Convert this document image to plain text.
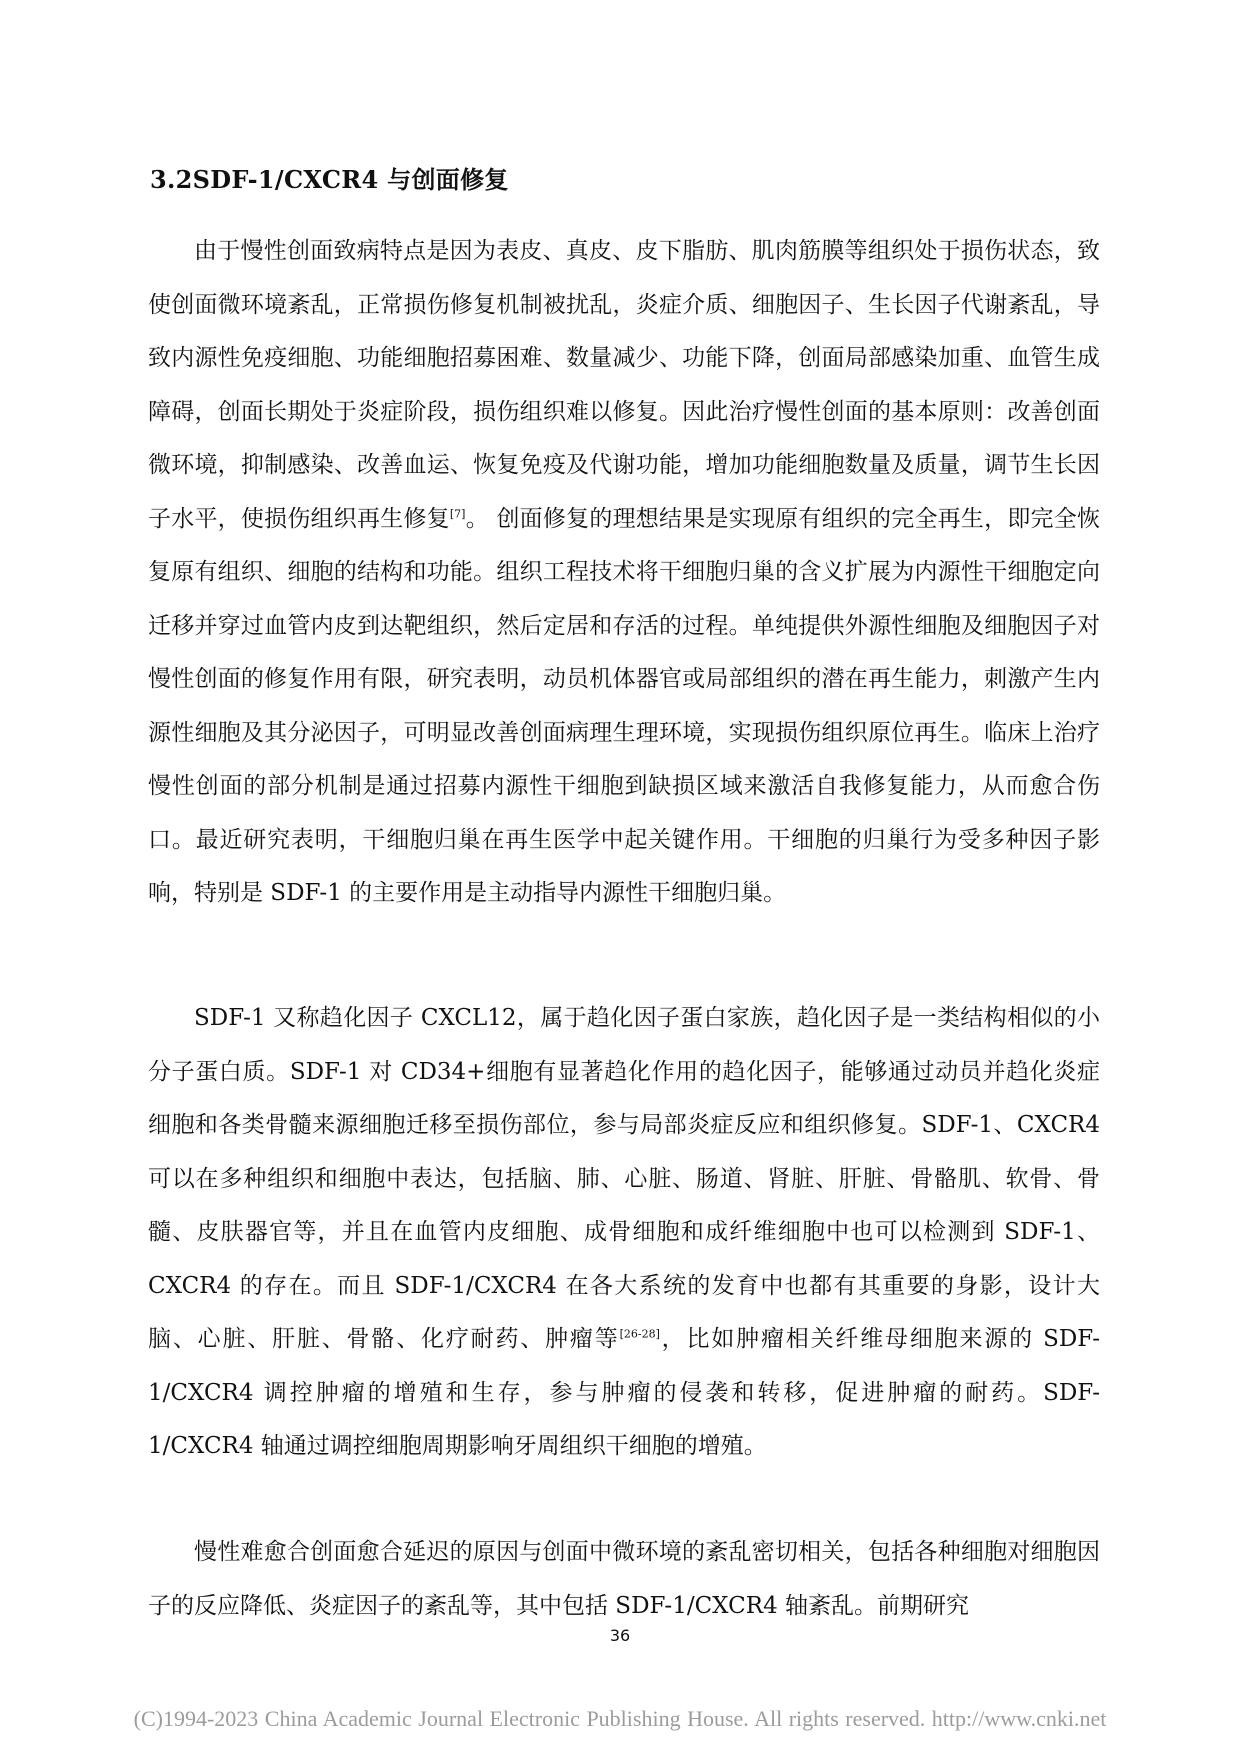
3.2SDF-1/CXCR4 与创面修复

由于慢性创面致病特点是因为表皮、真皮、皮下脂肪、肌肉筋膜等组织处于损伤状态，致使创面微环境紊乱，正常损伤修复机制被扰乱，炎症介质、细胞因子、生长因子代谢紊乱，导致内源性免疫细胞、功能细胞招募困难、数量减少、功能下降，创面局部感染加重、血管生成障碍，创面长期处于炎症阶段，损伤组织难以修复。因此治疗慢性创面的基本原则：改善创面微环境，抑制感染、改善血运、恢复免疫及代谢功能，增加功能细胞数量及质量，调节生长因子水平，使损伤组织再生修复[7]。 创面修复的理想结果是实现原有组织的完全再生，即完全恢复原有组织、细胞的结构和功能。组织工程技术将干细胞归巢的含义扩展为内源性干细胞定向迁移并穿过血管内皮到达靶组织，然后定居和存活的过程。单纯提供外源性细胞及细胞因子对慢性创面的修复作用有限，研究表明，动员机体器官或局部组织的潜在再生能力，刺激产生内源性细胞及其分泌因子，可明显改善创面病理生理环境，实现损伤组织原位再生。临床上治疗慢性创面的部分机制是通过招募内源性干细胞到缺损区域来激活自我修复能力，从而愈合伤口。最近研究表明，干细胞归巢在再生医学中起关键作用。干细胞的归巢行为受多种因子影响，特别是 SDF-1 的主要作用是主动指导内源性干细胞归巢。

SDF-1 又称趋化因子 CXCL12，属于趋化因子蛋白家族，趋化因子是一类结构相似的小分子蛋白质。SDF-1 对 CD34+细胞有显著趋化作用的趋化因子，能够通过动员并趋化炎症细胞和各类骨髓来源细胞迁移至损伤部位，参与局部炎症反应和组织修复。SDF-1、CXCR4 可以在多种组织和细胞中表达，包括脑、肺、心脏、肠道、肾脏、肝脏、骨骼肌、软骨、骨髓、皮肤器官等，并且在血管内皮细胞、成骨细胞和成纤维细胞中也可以检测到 SDF-1、CXCR4 的存在。而且 SDF-1/CXCR4 在各大系统的发育中也都有其重要的身影，设计大脑、心脏、肝脏、骨骼、化疗耐药、肿瘤等[26-28]，比如肿瘤相关纤维母细胞来源的 SDF-1/CXCR4 调控肿瘤的增殖和生存，参与肿瘤的侵袭和转移，促进肿瘤的耐药。SDF-1/CXCR4 轴通过调控细胞周期影响牙周组织干细胞的增殖。

慢性难愈合创面愈合延迟的原因与创面中微环境的紊乱密切相关，包括各种细胞对细胞因子的反应降低、炎症因子的紊乱等，其中包括 SDF-1/CXCR4 轴紊乱。前期研究

36
(C)1994-2023 China Academic Journal Electronic Publishing House. All rights reserved. http://www.cnki.net
